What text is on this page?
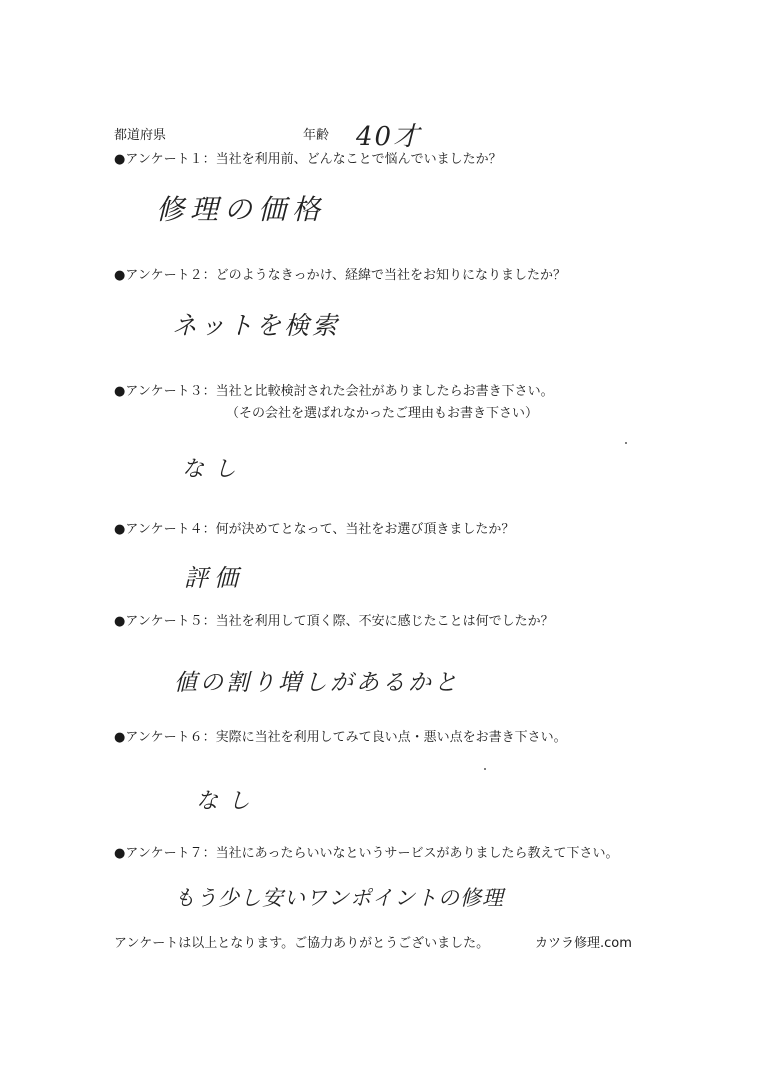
都道府県	年齢 40才
●アンケート１：当社を利用前、どんなことで悩んでいましたか？
修理の価格
●アンケート２：どのようなきっかけ、経緯で当社をお知りになりましたか？
ネットを検索
●アンケート３：当社と比較検討された会社がありましたらお書き下さい。
（その会社を選ばれなかったご理由もお書き下さい）
なし
●アンケート４：何が決めてとなって、当社をお選び頂きましたか？
評価
●アンケート５：当社を利用して頂く際、不安に感じたことは何でしたか？
値の割り増しがあるかと
●アンケート６：実際に当社を利用してみて良い点・悪い点をお書き下さい。
なし
●アンケート７：当社にあったらいいなというサービスがありましたら教えて下さい。
もう少し安いワンポイントの修理
アンケートは以上となります。ご協力ありがとうございました。	カツラ修理.com
